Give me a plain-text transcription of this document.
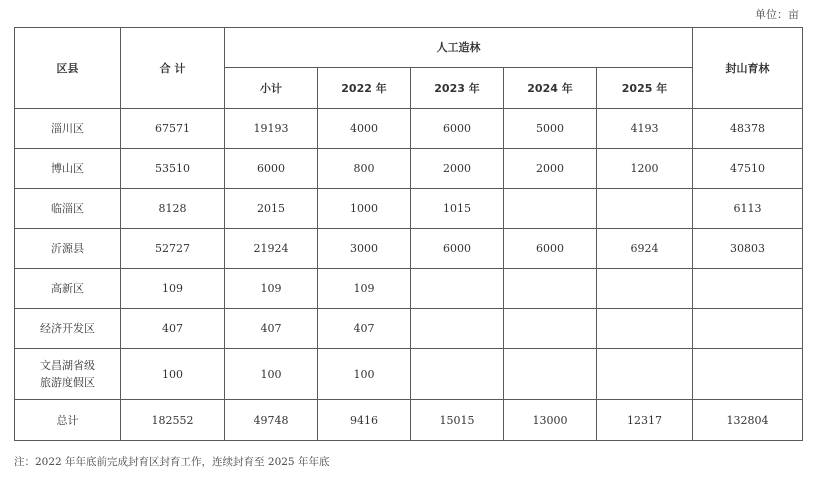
单位：亩
区县	合 计	人工造林					封山育林
		小计	2022 年	2023 年	2024 年	2025 年	
淄川区	67571	19193	4000	6000	5000	4193	48378
博山区	53510	6000	800	2000	2000	1200	47510
临淄区	8128	2015	1000	1015			6113
沂源县	52727	21924	3000	6000	6000	6924	30803
高新区	109	109	109				
经济开发区	407	407	407				

文昌湖省级
旅游度假区	100	100	100				
总计	182552	49748	9416	15015	13000	12317	132804
注：2022 年年底前完成封育区封育工作，连续封育至 2025 年年底
